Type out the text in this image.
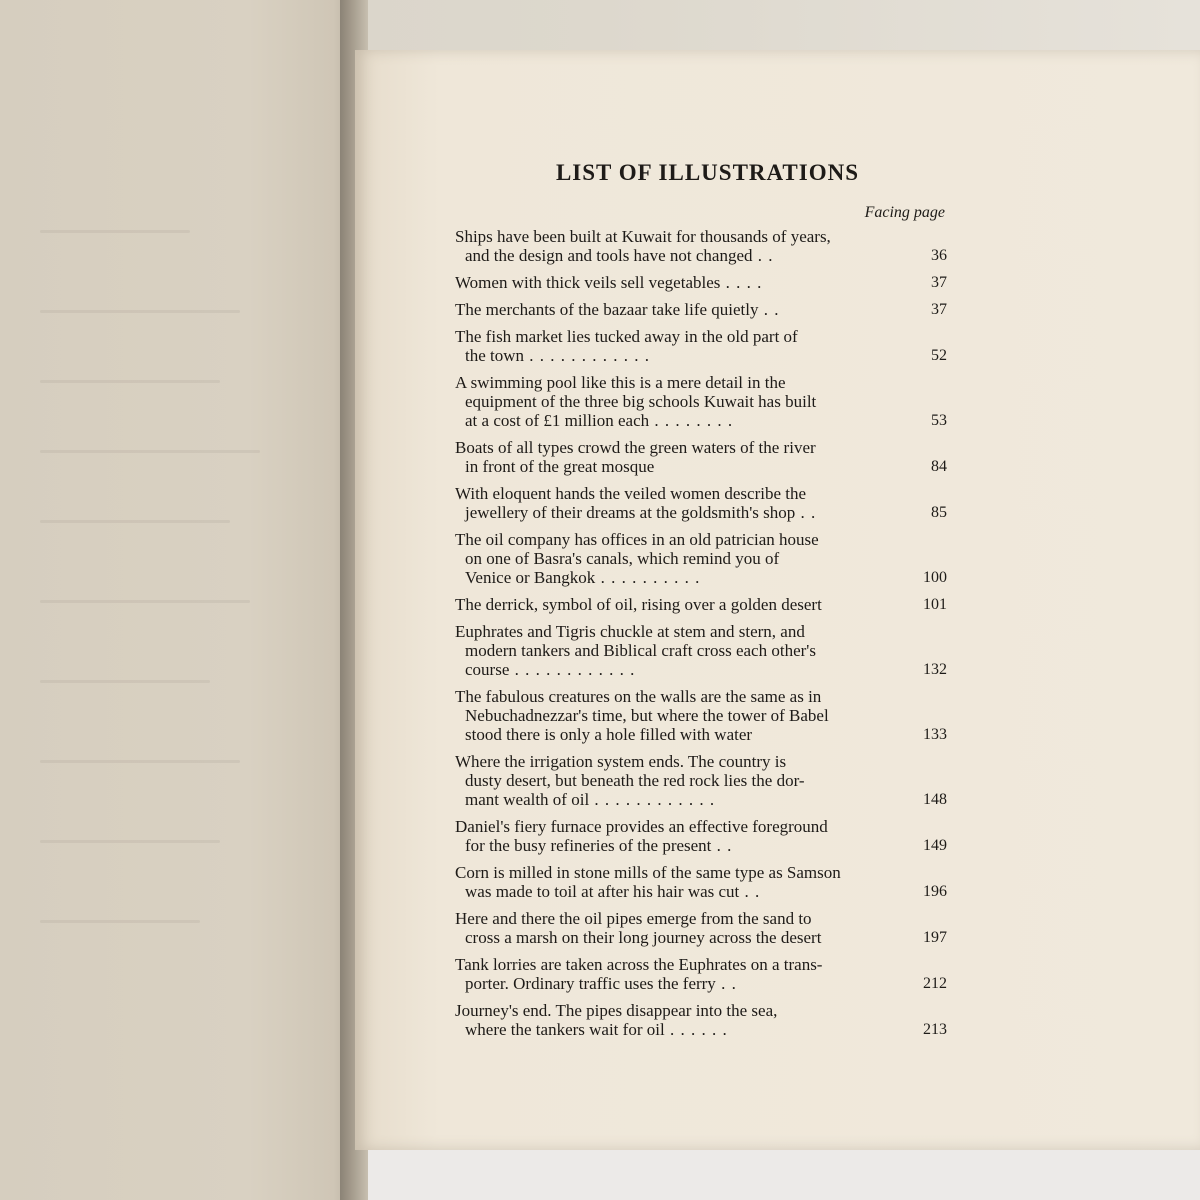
LIST OF ILLUSTRATIONS
Facing page
Ships have been built at Kuwait for thousands of years,
and the design and tools have not changed . .	36
Women with thick veils sell vegetables . . . .	37
The merchants of the bazaar take life quietly . .	37
The fish market lies tucked away in the old part of
the town . . . . . . . . . . . .	52
A swimming pool like this is a mere detail in the
equipment of the three big schools Kuwait has built
at a cost of £1 million each . . . . . . . .	53
Boats of all types crowd the green waters of the river
in front of the great mosque	84
With eloquent hands the veiled women describe the
jewellery of their dreams at the goldsmith's shop . .	85
The oil company has offices in an old patrician house
on one of Basra's canals, which remind you of
Venice or Bangkok . . . . . . . . . .	100
The derrick, symbol of oil, rising over a golden desert	101
Euphrates and Tigris chuckle at stem and stern, and
modern tankers and Biblical craft cross each other's
course . . . . . . . . . . . .	132
The fabulous creatures on the walls are the same as in
Nebuchadnezzar's time, but where the tower of Babel
stood there is only a hole filled with water	133
Where the irrigation system ends. The country is
dusty desert, but beneath the red rock lies the dor-
mant wealth of oil . . . . . . . . . . . .	148
Daniel's fiery furnace provides an effective foreground
for the busy refineries of the present . .	149
Corn is milled in stone mills of the same type as Samson
was made to toil at after his hair was cut . .	196
Here and there the oil pipes emerge from the sand to
cross a marsh on their long journey across the desert	197
Tank lorries are taken across the Euphrates on a trans-
porter. Ordinary traffic uses the ferry . .	212
Journey's end. The pipes disappear into the sea,
where the tankers wait for oil . . . . . .	213
